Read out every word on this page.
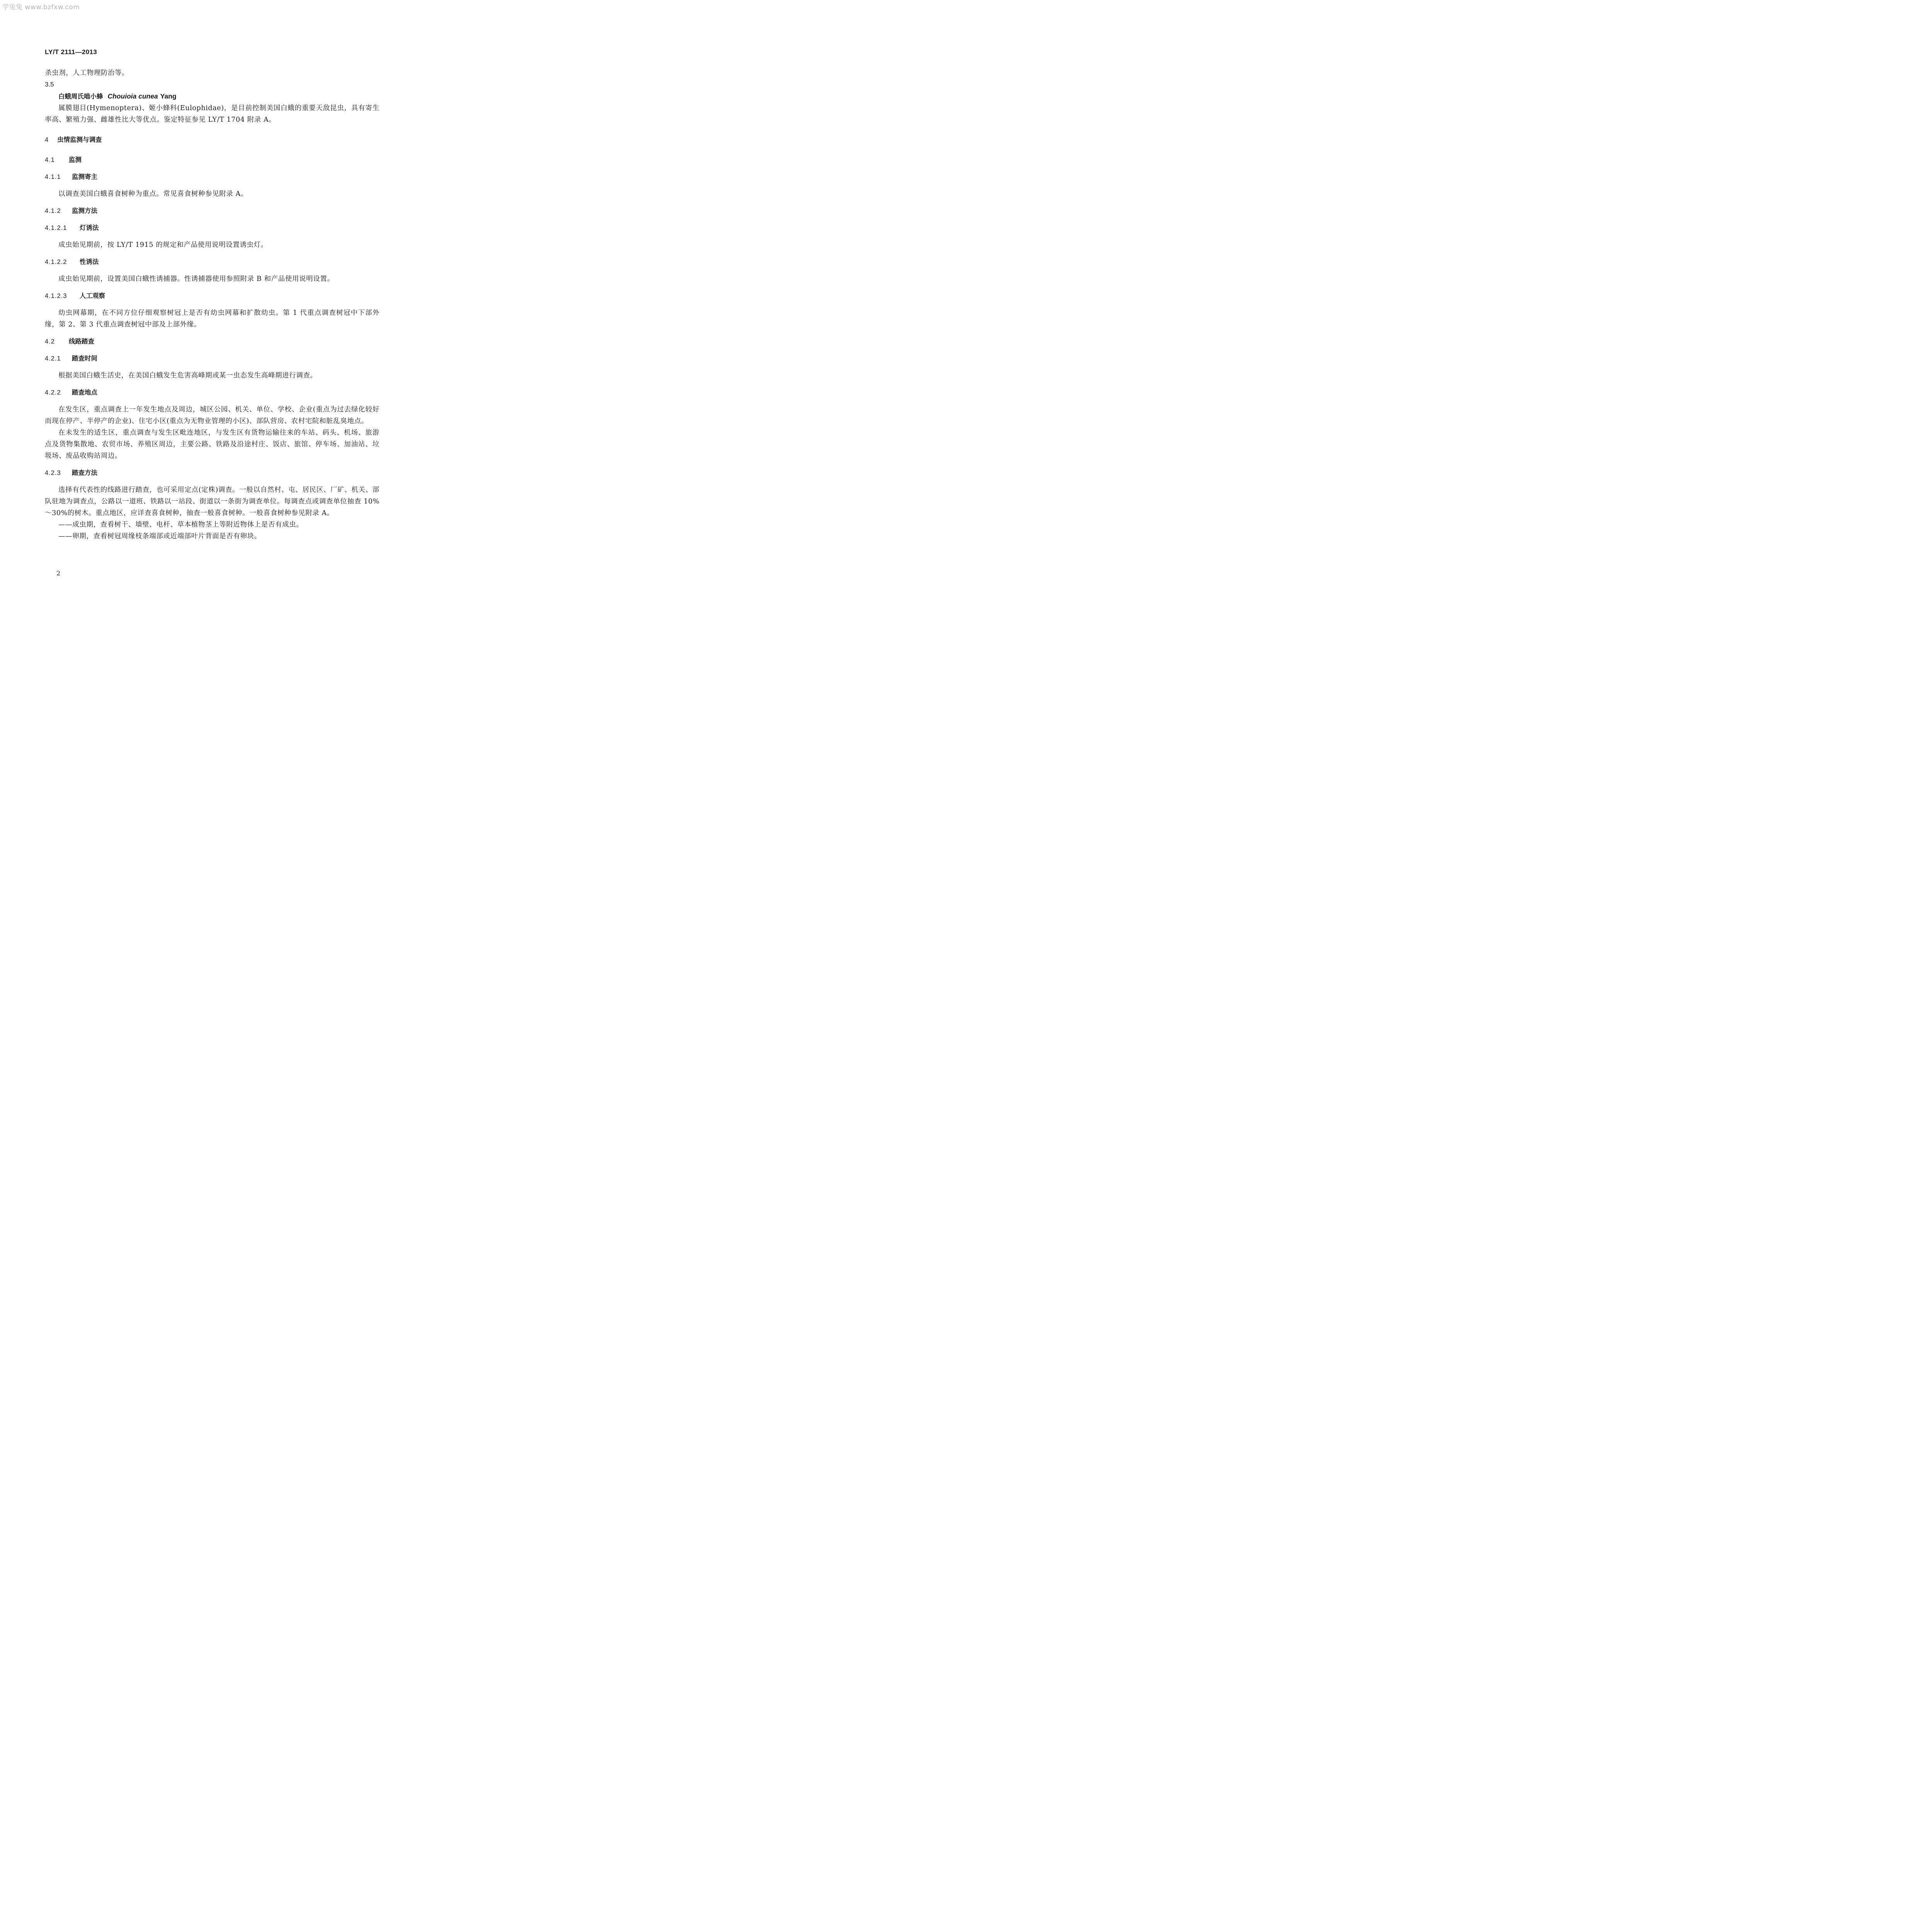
学兔兔 www.bzfxw.com
LY/T 2111—2013

杀虫剂，人工物理防治等。

3.5

白蛾周氏啮小蜂 Chouioia cunea Yang

属膜翅目(Hymenoptera)、姬小蜂科(Eulophidae)，是目前控制美国白蛾的重要天敌昆虫，具有寄生率高、繁殖力强、雌雄性比大等优点。鉴定特征参见 LY/T 1704 附录 A。

4 虫情监测与调查

4.1 监测

4.1.1 监测寄主

以调查美国白蛾喜食树种为重点。常见喜食树种参见附录 A。

4.1.2 监测方法

4.1.2.1 灯诱法

成虫始见期前，按 LY/T 1915 的规定和产品使用说明设置诱虫灯。

4.1.2.2 性诱法

成虫始见期前，设置美国白蛾性诱捕器。性诱捕器使用参照附录 B 和产品使用说明设置。

4.1.2.3 人工观察

幼虫网幕期，在不同方位仔细观察树冠上是否有幼虫网幕和扩散幼虫。第 1 代重点调查树冠中下部外缘，第 2、第 3 代重点调查树冠中部及上部外缘。

4.2 线路踏查

4.2.1 踏查时间

根据美国白蛾生活史，在美国白蛾发生危害高峰期或某一虫态发生高峰期进行调查。

4.2.2 踏查地点

在发生区，重点调查上一年发生地点及周边，城区公园、机关、单位、学校、企业(重点为过去绿化较好而现在停产、半停产的企业)、住宅小区(重点为无物业管理的小区)、部队营房、农村宅院和脏乱臭地点。

在未发生的适生区，重点调查与发生区毗连地区，与发生区有货物运输往来的车站、码头、机场、旅游点及货物集散地、农贸市场、养殖区周边，主要公路、铁路及沿途村庄、饭店、旅馆、停车场、加油站、垃圾场、废品收购站周边。

4.2.3 踏查方法

选择有代表性的线路进行踏查，也可采用定点(定株)调查。一般以自然村、屯、居民区、厂矿、机关、部队驻地为调查点，公路以一道班、铁路以一站段、街道以一条街为调查单位。每调查点或调查单位抽查 10%～30%的树木。重点地区，应详查喜食树种，抽查一般喜食树种。一般喜食树种参见附录 A。

——成虫期，查看树干、墙壁、电杆、草本植物茎上等附近物体上是否有成虫。

——卵期，查看树冠周缘枝条端部或近端部叶片背面是否有卵块。

2
